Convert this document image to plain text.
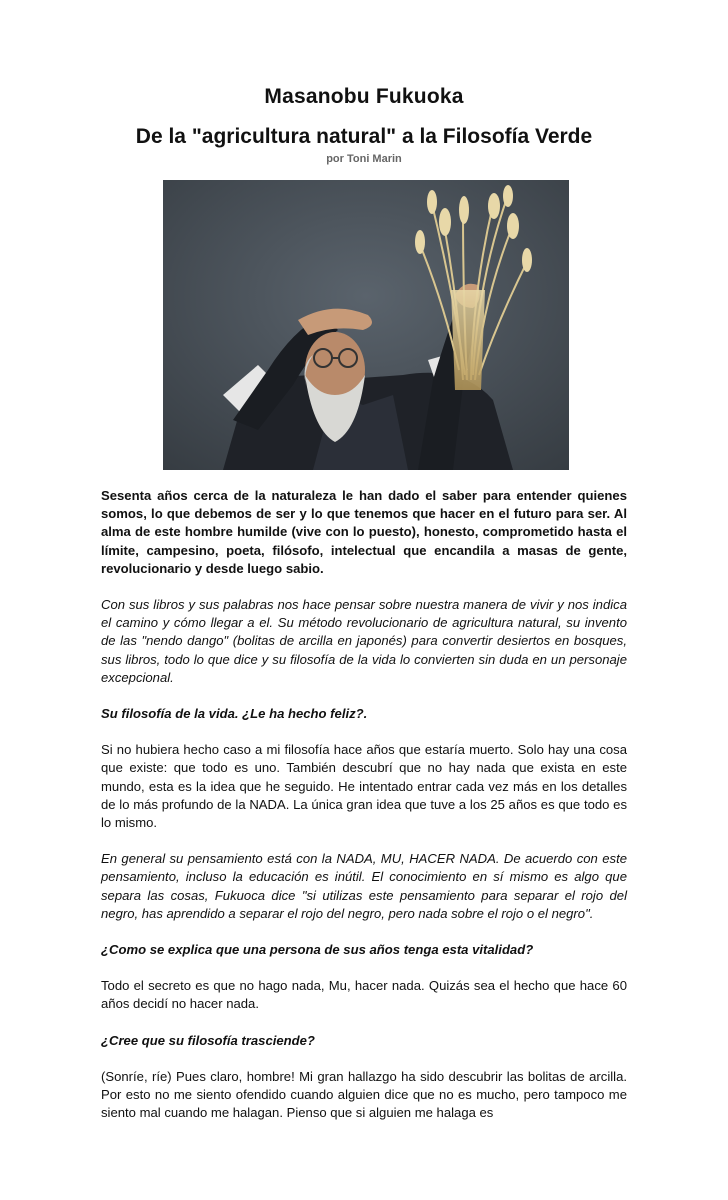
Masanobu Fukuoka
De la "agricultura natural" a la Filosofía Verde
por Toni Marin

Sesenta años cerca de la naturaleza le han dado el saber para entender quienes somos, lo que debemos de ser y lo que tenemos que hacer en el futuro para ser. Al alma de este hombre humilde (vive con lo puesto), honesto, comprometido hasta el límite, campesino, poeta, filósofo, intelectual que encandila a masas de gente, revolucionario y desde luego sabio.

Con sus libros y sus palabras nos hace pensar sobre nuestra manera de vivir y nos indica el camino y cómo llegar a el. Su método revolucionario de agricultura natural, su invento de las "nendo dango" (bolitas de arcilla en japonés) para convertir desiertos en bosques, sus libros, todo lo que dice y su filosofía de la vida lo convierten sin duda en un personaje excepcional.

Su filosofía de la vida. ¿Le ha hecho feliz?.

Si no hubiera hecho caso a mi filosofía hace años que estaría muerto. Solo hay una cosa que existe: que todo es uno. También descubrí que no hay nada que exista en este mundo, esta es la idea que he seguido. He intentado entrar cada vez más en los detalles de lo más profundo de la NADA. La única gran idea que tuve a los 25 años es que todo es lo mismo.

En general su pensamiento está con la NADA, MU, HACER NADA. De acuerdo con este pensamiento, incluso la educación es inútil. El conocimiento en sí mismo es algo que separa las cosas, Fukuoca dice "si utilizas este pensamiento para separar el rojo del negro, has aprendido a separar el rojo del negro, pero nada sobre el rojo o el negro".

¿Como se explica que una persona de sus años tenga esta vitalidad?

Todo el secreto es que no hago nada, Mu, hacer nada. Quizás sea el hecho que hace 60 años decidí no hacer nada.

¿Cree que su filosofía trasciende?

(Sonríe, ríe) Pues claro, hombre! Mi gran hallazgo ha sido descubrir las bolitas de arcilla. Por esto no me siento ofendido cuando alguien dice que no es mucho, pero tampoco me siento mal cuando me halagan. Pienso que si alguien me halaga es
